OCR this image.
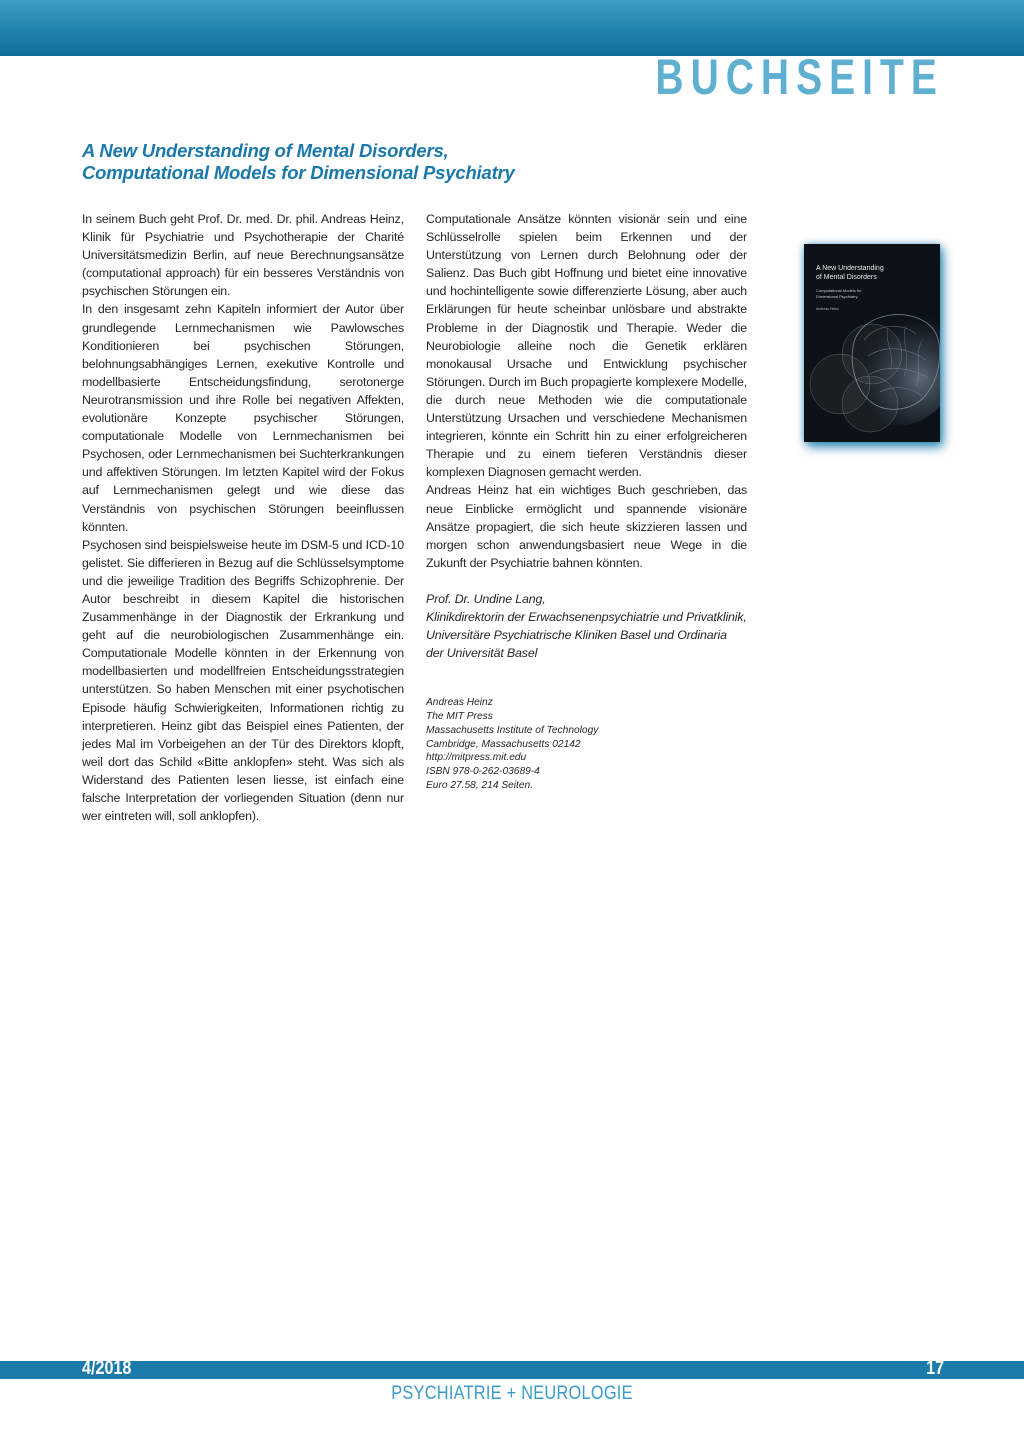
BUCHSEITE
A New Understanding of Mental Disorders,
Computational Models for Dimensional Psychiatry

In seinem Buch geht Prof. Dr. med. Dr. phil. Andreas Heinz, Klinik für Psychiatrie und Psychotherapie der Charité Universitätsmedizin Berlin, auf neue Berechnungsansätze (computational approach) für ein besseres Verständnis von psychischen Störungen ein.

In den insgesamt zehn Kapiteln informiert der Autor über grundlegende Lernmechanismen wie Pawlowsches Konditionieren bei psychischen Störungen, belohnungsabhängiges Lernen, exekutive Kontrolle und modellbasierte Entscheidungsfindung, serotonerge Neurotransmission und ihre Rolle bei negativen Affekten, evolutionäre Konzepte psychischer Störungen, computationale Modelle von Lernmechanismen bei Psychosen, oder Lernmechanismen bei Suchterkrankungen und affektiven Störungen. Im letzten Kapitel wird der Fokus auf Lernmechanismen gelegt und wie diese das Verständnis von psychischen Störungen beeinflussen könnten.

Psychosen sind beispielsweise heute im DSM-5 und ICD-10 gelistet. Sie differieren in Bezug auf die Schlüsselsymptome und die jeweilige Tradition des Begriffs Schizophrenie. Der Autor beschreibt in diesem Kapitel die historischen Zusammenhänge in der Diagnostik der Erkrankung und geht auf die neurobiologischen Zusammenhänge ein. Computationale Modelle könnten in der Erkennung von modellbasierten und modellfreien Entscheidungsstrategien unterstützen. So haben Menschen mit einer psychotischen Episode häufig Schwierigkeiten, Informationen richtig zu interpretieren. Heinz gibt das Beispiel eines Patienten, der jedes Mal im Vorbeigehen an der Tür des Direktors klopft, weil dort das Schild «Bitte anklopfen» steht. Was sich als Widerstand des Patienten lesen liesse, ist einfach eine falsche Interpretation der vorliegenden Situation (denn nur wer eintreten will, soll anklopfen).

Computationale Ansätze könnten visionär sein und eine Schlüsselrolle spielen beim Erkennen und der Unterstützung von Lernen durch Belohnung oder der Salienz. Das Buch gibt Hoffnung und bietet eine innovative und hochintelligente sowie differenzierte Lösung, aber auch Erklärungen für heute scheinbar unlösbare und abstrakte Probleme in der Diagnostik und Therapie. Weder die Neurobiologie alleine noch die Genetik erklären monokausal Ursache und Entwicklung psychischer Störungen. Durch im Buch propagierte komplexere Modelle, die durch neue Methoden wie die computationale Unterstützung Ursachen und verschiedene Mechanismen integrieren, könnte ein Schritt hin zu einer erfolgreicheren Therapie und zu einem tieferen Verständnis dieser komplexen Diagnosen gemacht werden.

Andreas Heinz hat ein wichtiges Buch geschrieben, das neue Einblicke ermöglicht und spannende visionäre Ansätze propagiert, die sich heute skizzieren lassen und morgen schon anwendungsbasiert neue Wege in die Zukunft der Psychiatrie bahnen könnten.

Prof. Dr. Undine Lang,

Klinikdirektorin der Erwachsenenpsychiatrie und Privatklinik, Universitäre Psychiatrische Kliniken Basel und Ordinaria der Universität Basel

Andreas Heinz
The MIT Press
Massachusetts Institute of Technology
Cambridge, Massachusetts 02142
http://mitpress.mit.edu
ISBN 978-0-262-03689-4
Euro 27.58, 214 Seiten.
A New Understanding
of Mental Disorders
Computational Models for
Dimensional Psychiatry
Andreas Heinz
4/2018	17
PSYCHIATRIE + NEUROLOGIE
